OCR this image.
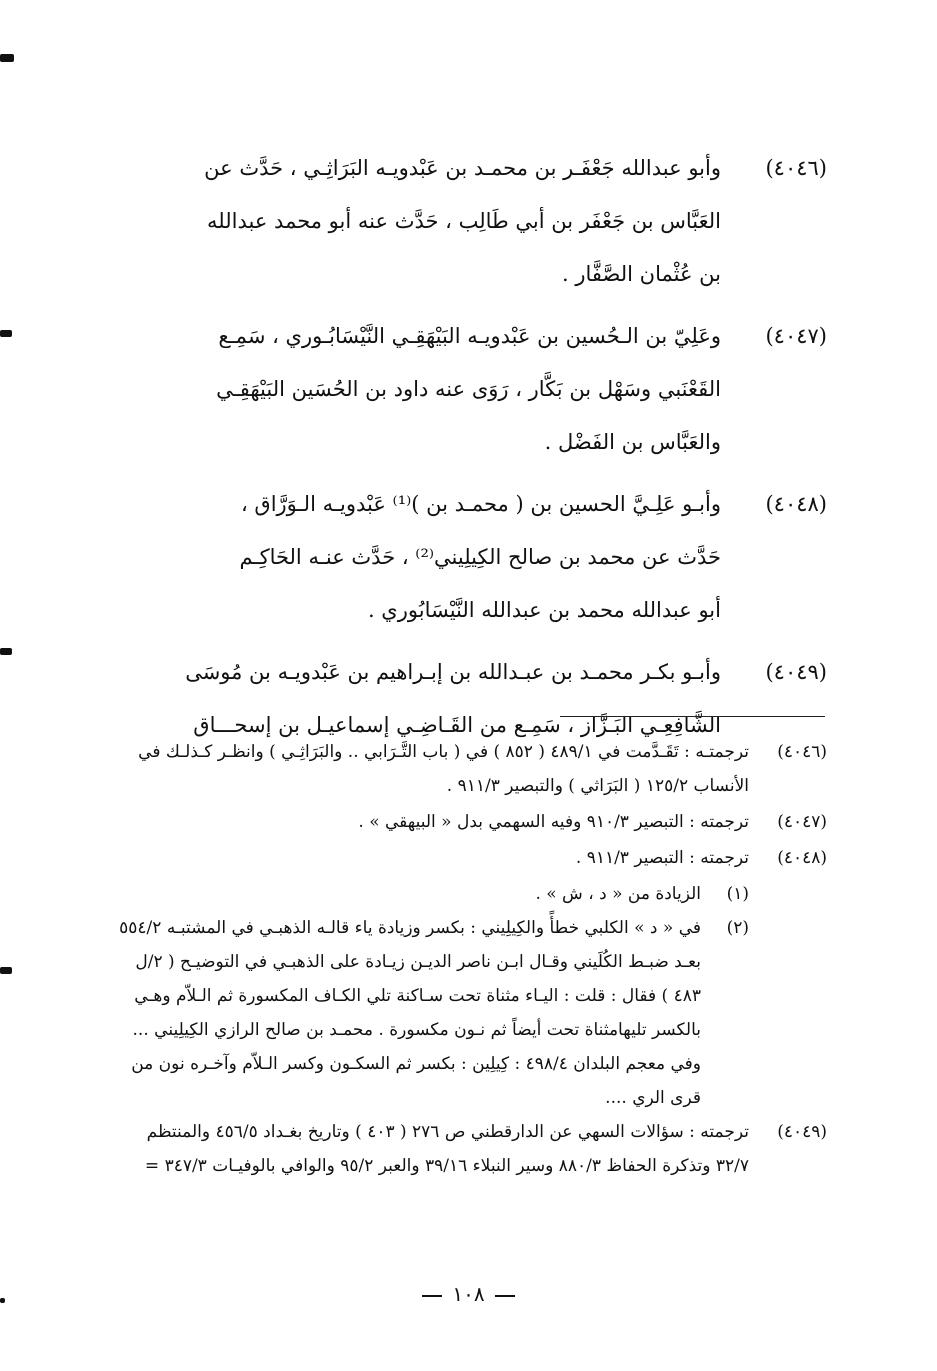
(٤٠٤٦)
وأبو عبدالله جَعْفَـر بن محمـد بن عَبْدويـه البَرَاثِـي ، حَدَّث عن
العَبَّاس بن جَعْفَر بن أبي طَالِب ، حَدَّث عنه أبو محمد عبدالله
بن عُثْمان الصَّفَّار .
(٤٠٤٧)
وعَلِيّ بن الـحُسين بن عَبْدويـه البَيْهَقِـي النَّيْسَابُـوري ، سَمِـع
القَعْنَبي وسَهْل بن بَكَّار ، رَوَى عنه داود بن الحُسَين البَيْهَقِـي
والعَبَّاس بن الفَضْل .
(٤٠٤٨)
وأبـو عَلِـيَّ الحسين بن ( محمـد بن )⁽¹⁾ عَبْدويـه الـوَرَّاق ،
حَدَّث عن محمد بن صالح الكِيلِيني⁽²⁾ ، حَدَّث عنـه الحَاكِـم
أبو عبدالله محمد بن عبدالله النَّيْسَابُوري .
(٤٠٤٩)
وأبـو بكـر محمـد بن عبـدالله بن إبـراهيم بن عَبْدويـه بن مُوسَى
الشَّافِعِـي البَـزَّاز ، سَمِـع من القَـاضِـي إسماعيـل بن إسحـــاق
(٤٠٤٦)
ترجمتـه : تَقَـدَّمت في ٤٨٩/١ ( ٨٥٢ ) في ( باب التَّـرَابي .. والبَرَاثِـي ) وانظـر كـذلـك في
الأنساب ١٢٥/٢ ( البَرَاثي ) والتبصير ٩١١/٣ .
(٤٠٤٧)
ترجمته : التبصير ٩١٠/٣ وفيه السهمي بدل « البيهقي » .
(٤٠٤٨)
ترجمته : التبصير ٩١١/٣ .
(١)
الزيادة من « د ، ش » .
(٢)
في « د » الكلبي خطأً والكِيلِيني : بكسر وزيادة ياء قالـه الذهبـي في المشتبـه ٥٥٤/٢
بعـد ضبـط الكُلَيني وقـال ابـن ناصر الديـن زيـادة على الذهبـي في التوضيـح ( ٢/ل
٤٨٣ ) فقال : قلت : اليـاء مثناة تحت سـاكنة تلي الكـاف المكسورة ثم الـلاّم وهـي
بالكسر تليهامثناة تحت أيضاً ثم نـون مكسورة . محمـد بن صالح الرازي الكِيلِيني ...
وفي معجم البلدان ٤٩٨/٤ : كِيلِين : بكسر ثم السكـون وكسر الـلاّم وآخـره نون من
قرى الري ....
(٤٠٤٩)
ترجمته : سؤالات السهي عن الدارقطني ص ٢٧٦ ( ٤٠٣ ) وتاريخ بغـداد ٤٥٦/٥ والمنتظم
٣٢/٧ وتذكرة الحفاظ ٨٨٠/٣ وسير النبلاء ٣٩/١٦ والعبر ٩٥/٢ والوافي بالوفيـات ٣٤٧/٣ =
١٠٨
